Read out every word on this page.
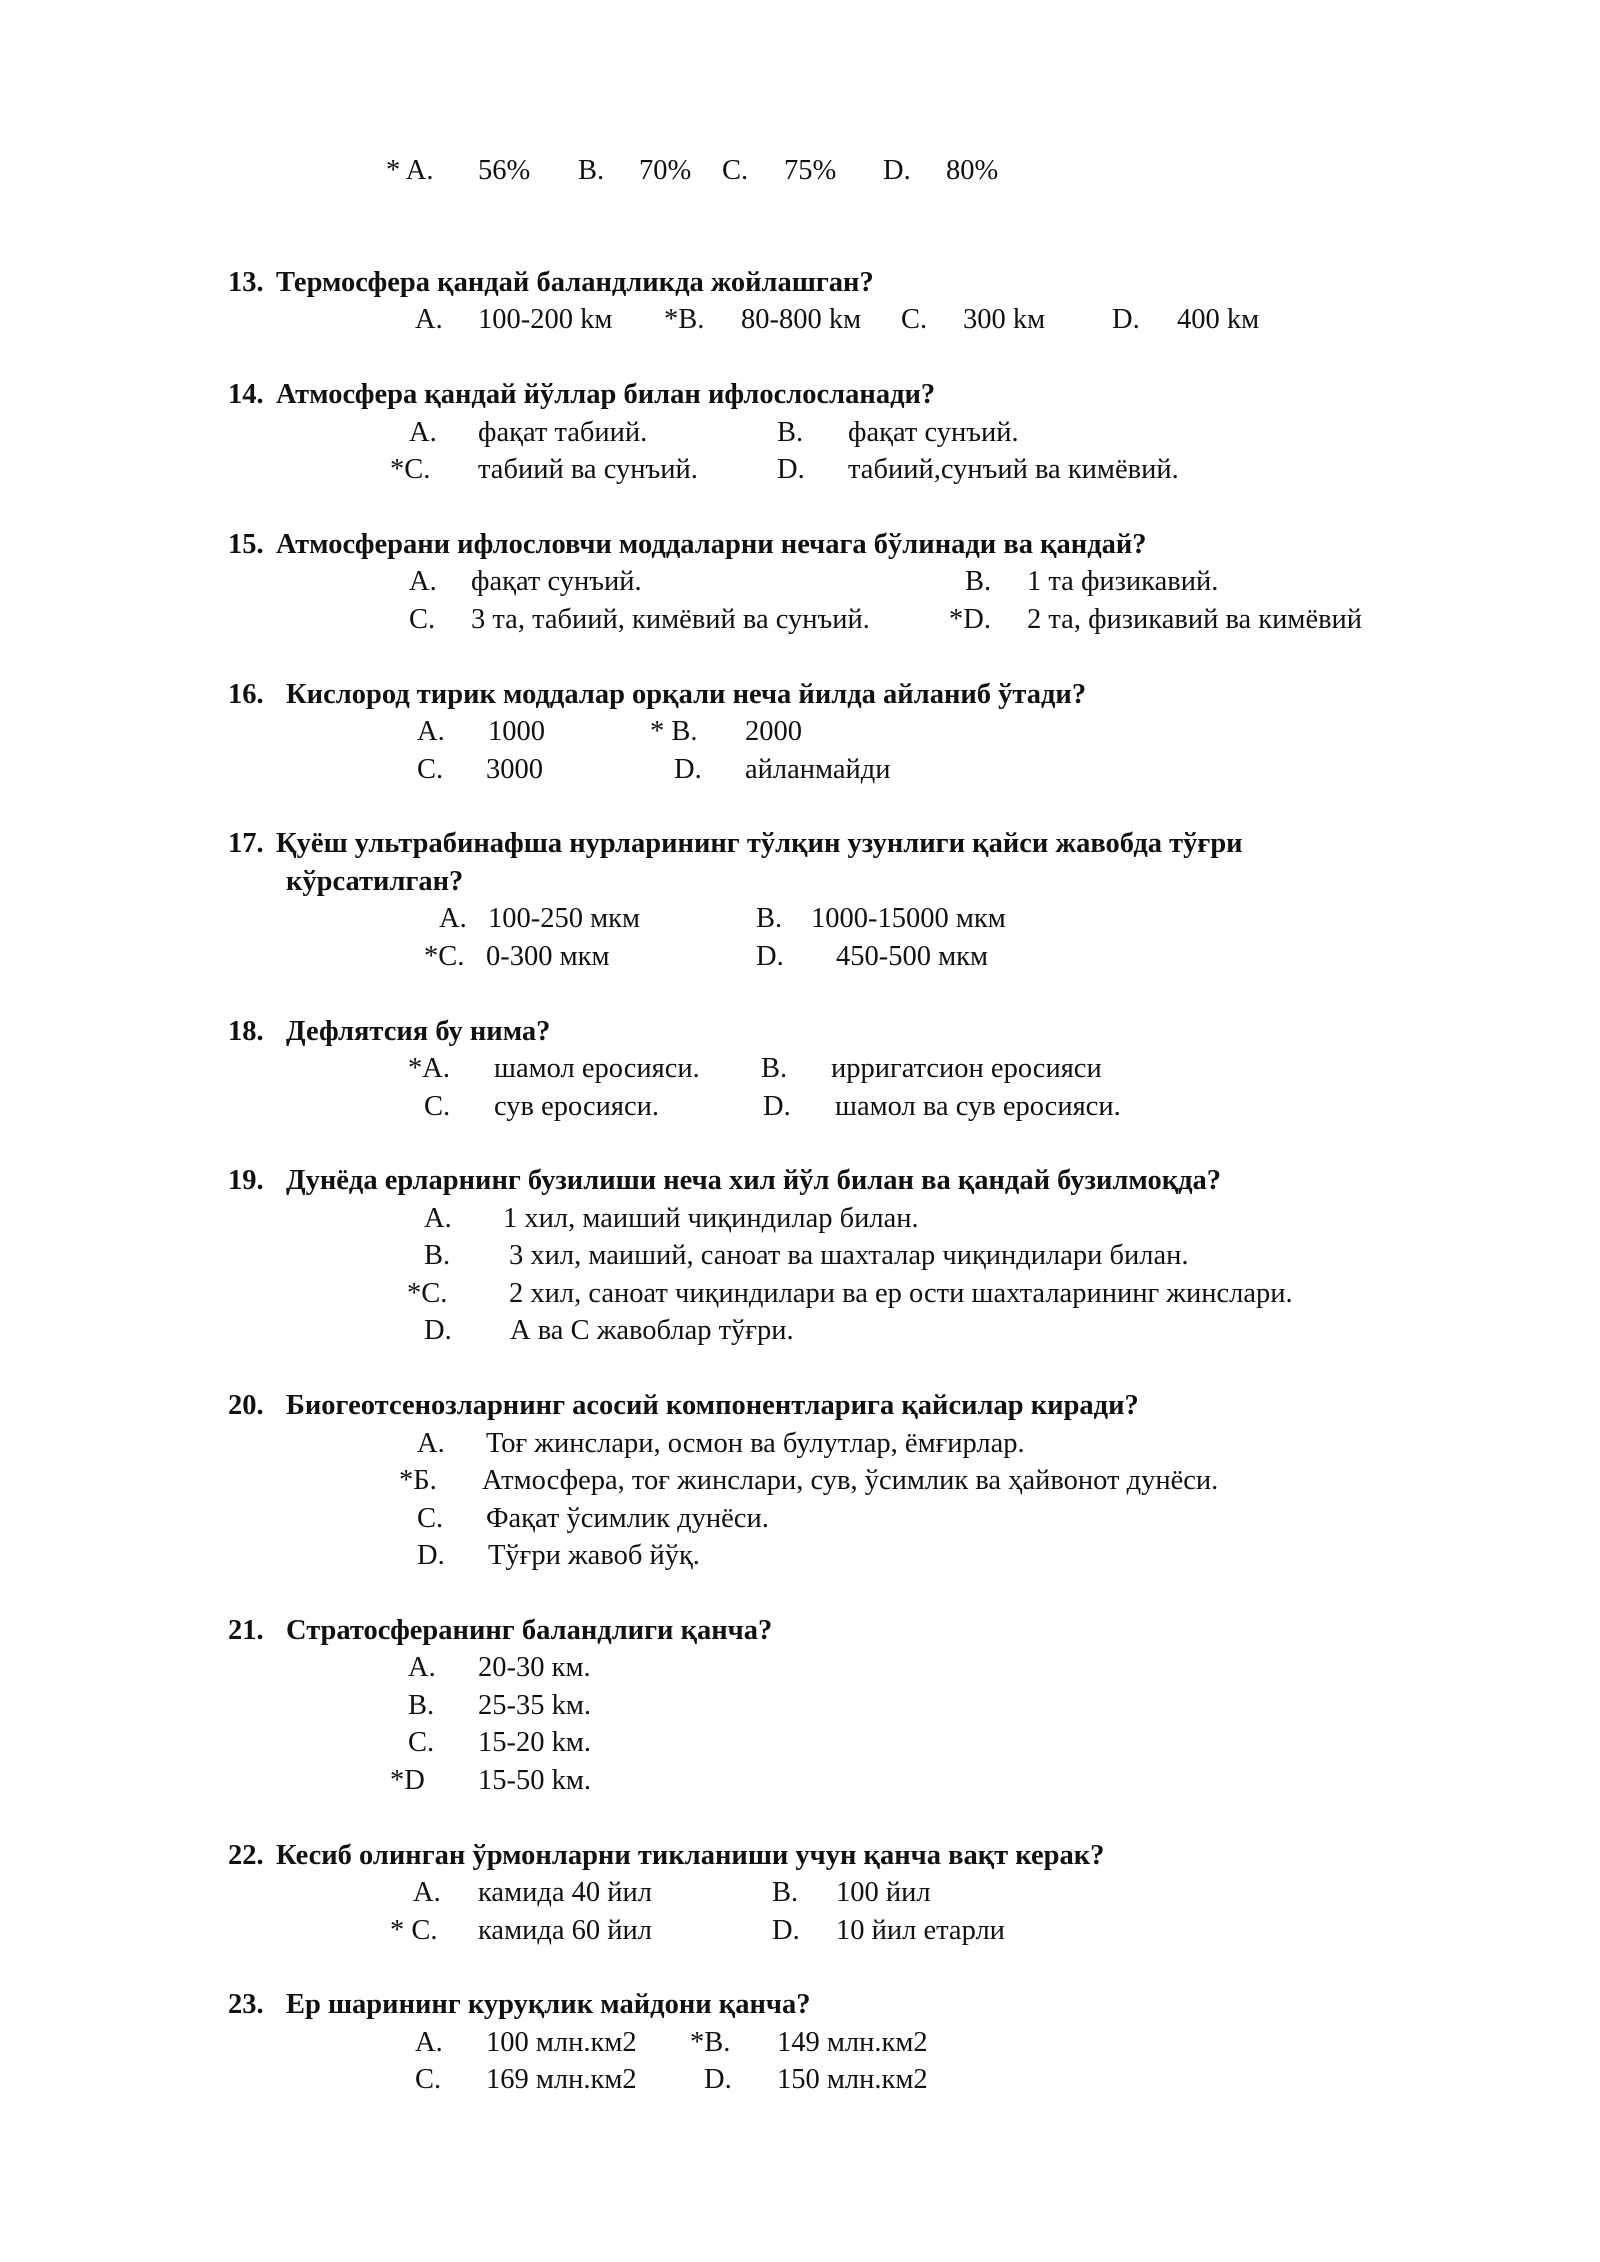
* A. 56% B. 70% C. 75% D. 80%
13. Термосфера қандай баландликда жойлашган?
A. 100-200 kм *B. 80-800 kм C. 300 kм D. 400 kм
14. Атмосфера қандай йўллар билан ифлослосланади?
A. фақат табиий.	B. фақат сунъий.
*C. табиий ва сунъий.	D. табиий,сунъий ва кимёвий.
15. Атмосферани ифлословчи моддаларни нечага бўлинади ва қандай?
A. фақат сунъий.	B. 1 та физикавий.
C. 3 та, табиий, кимёвий ва сунъий.	*D. 2 та, физикавий ва кимёвий
16. Кислород тирик моддалар орқали неча йилда айланиб ўтади?
A. 1000	* B. 2000
C. 3000	D. айланмайди
17. Қуёш ультрабинафша нурларининг тўлқин узунлиги қайси жавобда тўғри
кўрсатилган?
A. 100-250 мкм	B. 1000-15000 мкм
*C. 0-300 мкм	D. 450-500 мкм
18. Дефлятсия бу нима?
*A. шамол еросияси. B. ирригатсион еросияси
C. сув еросияси.	D. шамол ва сув еросияси.
19. Дунёда ерларнинг бузилиши неча хил йўл билан ва қандай бузилмоқда?
A. 1 хил, маиший чиқиндилар билан.
B. 3 хил, маиший, саноат ва шахталар чиқиндилари билан.
*C. 2 хил, саноат чиқиндилари ва ер ости шахталарининг жинслари.
D. А ва С жавоблар тўғри.
20. Биогеотсенозларнинг асосий компонентларига қайсилар киради?
A. Тоғ жинслари, осмон ва булутлар, ёмғирлар.
*Б. Атмосфера, тоғ жинслари, сув, ўсимлик ва ҳайвонот дунёси.
C. Фақат ўсимлик дунёси.
D. Тўғри жавоб йўқ.
21. Стратосферанинг баландлиги қанча?
A. 20-30 км.
B. 25-35 kм.
C. 15-20 kм.
*D 15-50 kм.
22. Кесиб олинган ўрмонларни тикланиши учун қанча вақт керак?
A. камида 40 йил	B. 100 йил
* C. камида 60 йил	D. 10 йил етарли
23. Ер шарининг куруқлик майдони қанча?
A. 100 млн.км2 *B. 149 млн.км2
C. 169 млн.км2 D. 150 млн.км2
